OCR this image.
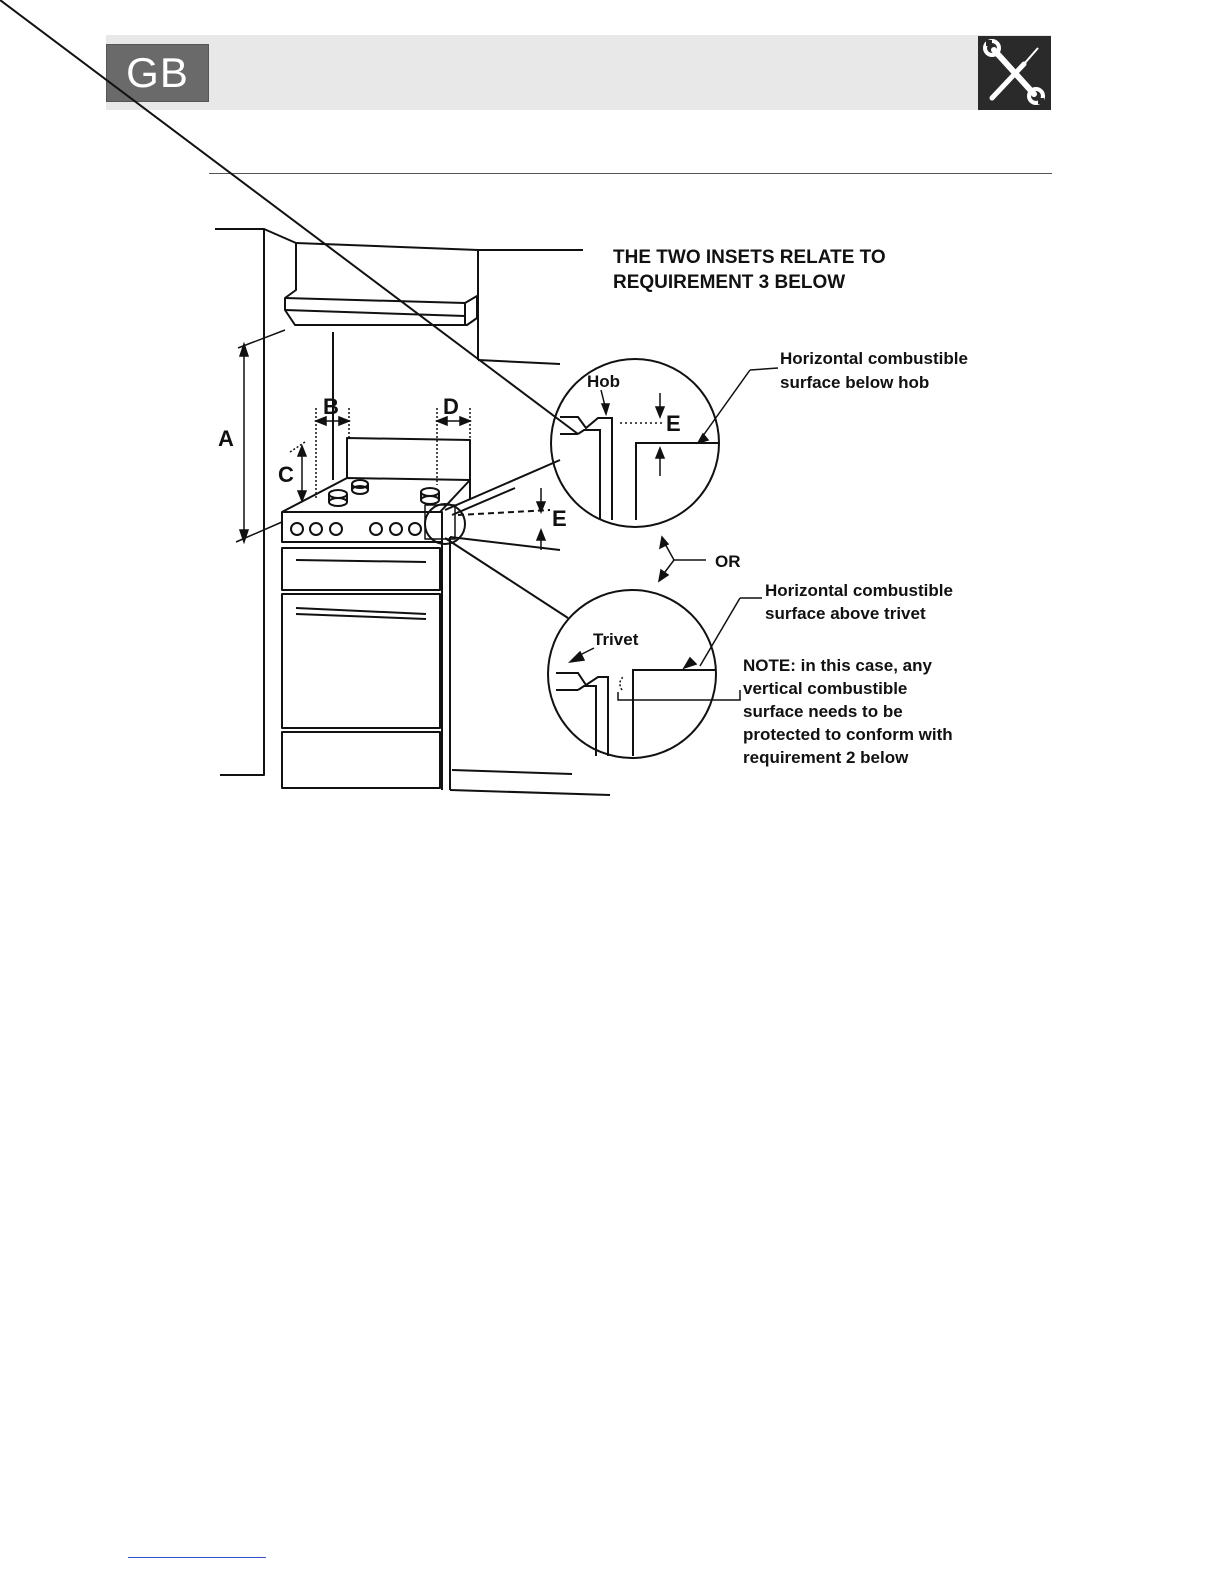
GB
THE TWO INSETS RELATE TO
REQUIREMENT 3 BELOW
A
B
C
D
E
Hob
E
Horizontal combustible
surface below hob
OR
Trivet
Horizontal combustible
surface above trivet
NOTE: in this case, any
vertical combustible
surface needs to be
protected to conform with
requirement 2 below
